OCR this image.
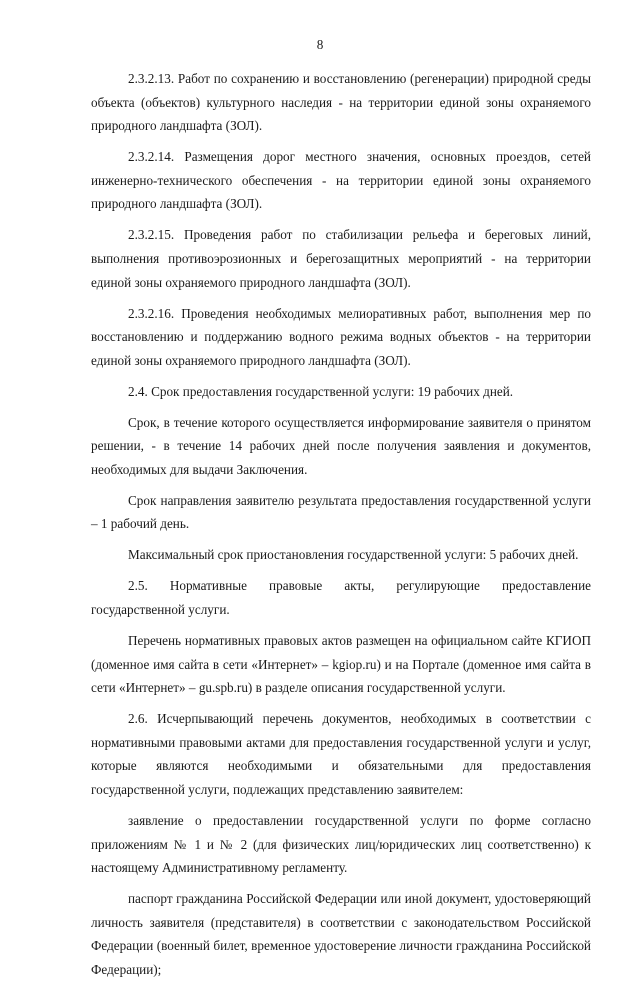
8

2.3.2.13. Работ по сохранению и восстановлению (регенерации) природной среды объекта (объектов) культурного наследия - на территории единой зоны охраняемого природного ландшафта (ЗОЛ).

2.3.2.14. Размещения дорог местного значения, основных проездов, сетей инженерно-технического обеспечения - на территории единой зоны охраняемого природного ландшафта (ЗОЛ).

2.3.2.15. Проведения работ по стабилизации рельефа и береговых линий, выполнения противоэрозионных и берегозащитных мероприятий - на территории единой зоны охраняемого природного ландшафта (ЗОЛ).

2.3.2.16. Проведения необходимых мелиоративных работ, выполнения мер по восстановлению и поддержанию водного режима водных объектов - на территории единой зоны охраняемого природного ландшафта (ЗОЛ).

2.4. Срок предоставления государственной услуги: 19 рабочих дней.

Срок, в течение которого осуществляется информирование заявителя о принятом решении, - в течение 14 рабочих дней после получения заявления и документов, необходимых для выдачи Заключения.

Срок направления заявителю результата предоставления государственной услуги – 1 рабочий день.

Максимальный срок приостановления государственной услуги: 5 рабочих дней.

2.5. Нормативные правовые акты, регулирующие предоставление государственной услуги.

Перечень нормативных правовых актов размещен на официальном сайте КГИОП (доменное имя сайта в сети «Интернет» – kgiop.ru) и на Портале (доменное имя сайта в сети «Интернет» – gu.spb.ru) в разделе описания государственной услуги.

2.6. Исчерпывающий перечень документов, необходимых в соответствии с нормативными правовыми актами для предоставления государственной услуги и услуг, которые являются необходимыми и обязательными для предоставления государственной услуги, подлежащих представлению заявителем:

заявление о предоставлении государственной услуги по форме согласно приложениям № 1 и № 2 (для физических лиц/юридических лиц соответственно) к настоящему Административному регламенту.

паспорт гражданина Российской Федерации или иной документ, удостоверяющий личность заявителя (представителя) в соответствии с законодательством Российской Федерации (военный билет, временное удостоверение личности гражданина Российской Федерации);
